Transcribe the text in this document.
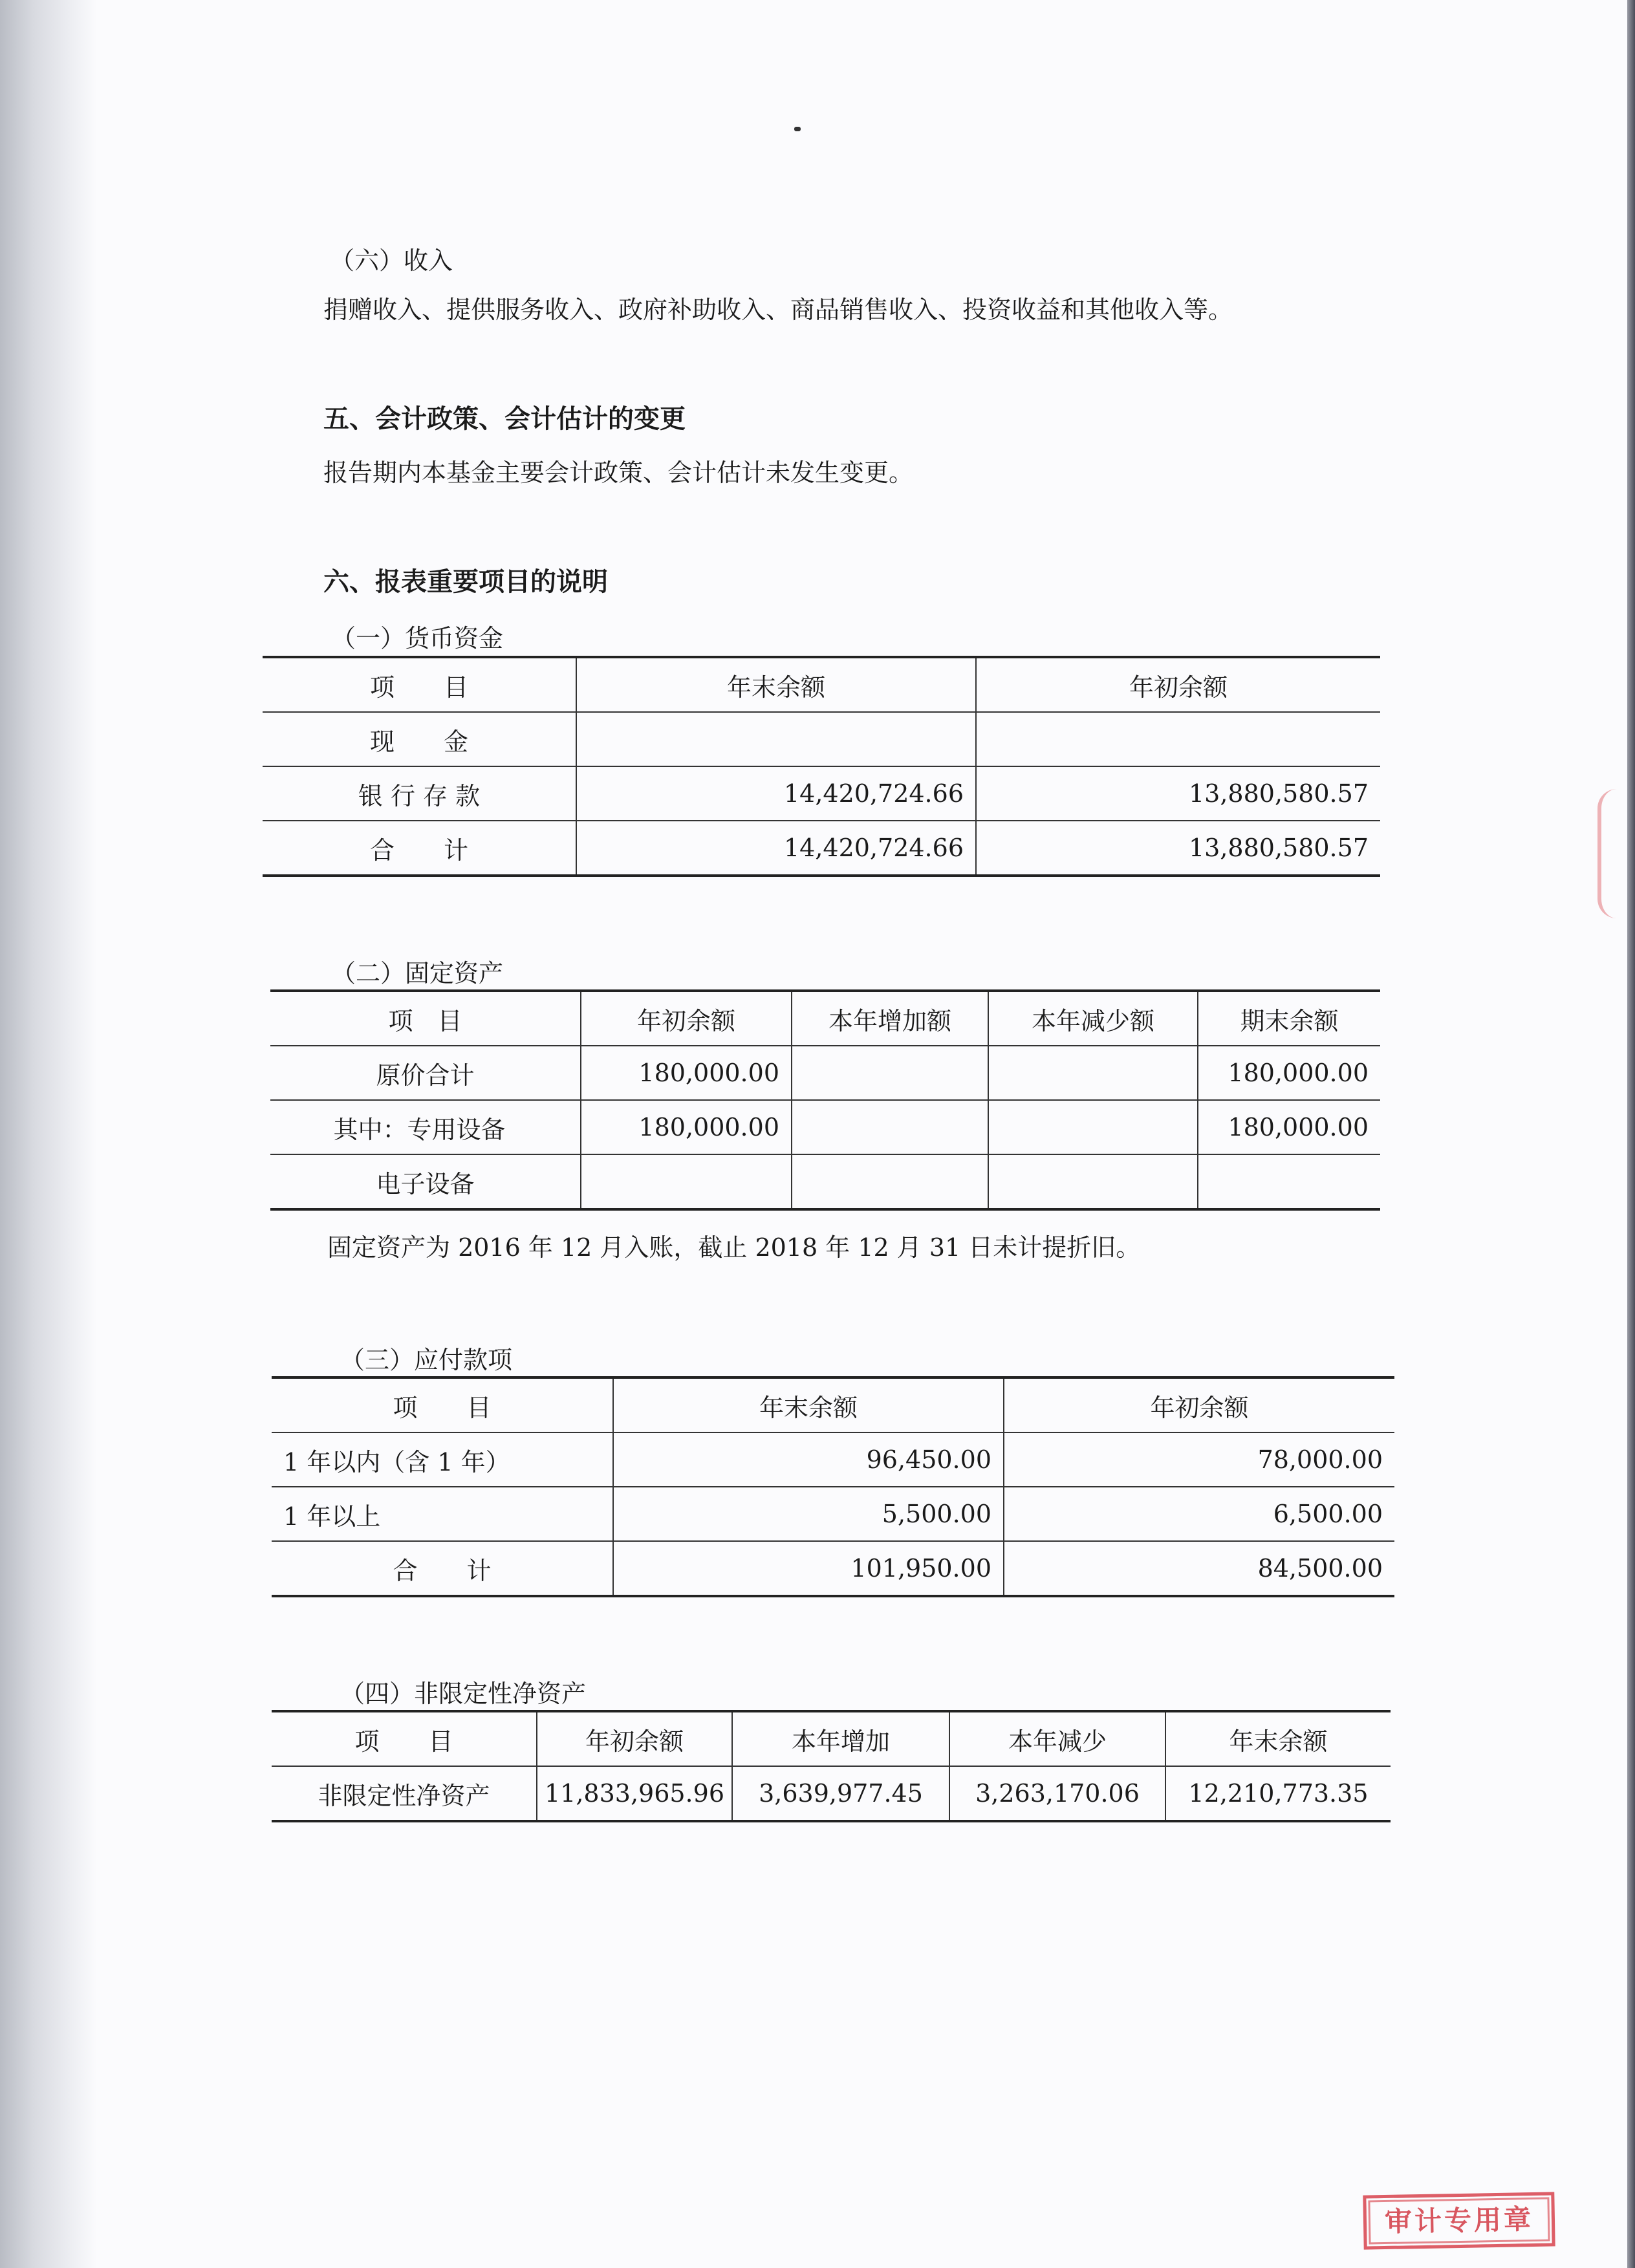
（六）收入
捐赠收入、提供服务收入、政府补助收入、商品销售收入、投资收益和其他收入等。
五、会计政策、会计估计的变更
报告期内本基金主要会计政策、会计估计未发生变更。
六、报表重要项目的说明
（一）货币资金
项　　目	年末余额	年初余额
现　　金		
银 行 存 款	14,420,724.66	13,880,580.57
合　　计	14,420,724.66	13,880,580.57
（二）固定资产
项　目	年初余额	本年增加额	本年减少额	期末余额
原价合计	180,000.00			180,000.00
其中：专用设备	180,000.00			180,000.00
电子设备				
固定资产为 2016 年 12 月入账，截止 2018 年 12 月 31 日未计提折旧。
（三）应付款项
项　　目	年末余额	年初余额
1 年以内（含 1 年）	96,450.00	78,000.00
1 年以上	5,500.00	6,500.00
合　　计	101,950.00	84,500.00
（四）非限定性净资产
项　　目	年初余额	本年增加	本年减少	年末余额
非限定性净资产	11,833,965.96	3,639,977.45	3,263,170.06	12,210,773.35
审计专用章
